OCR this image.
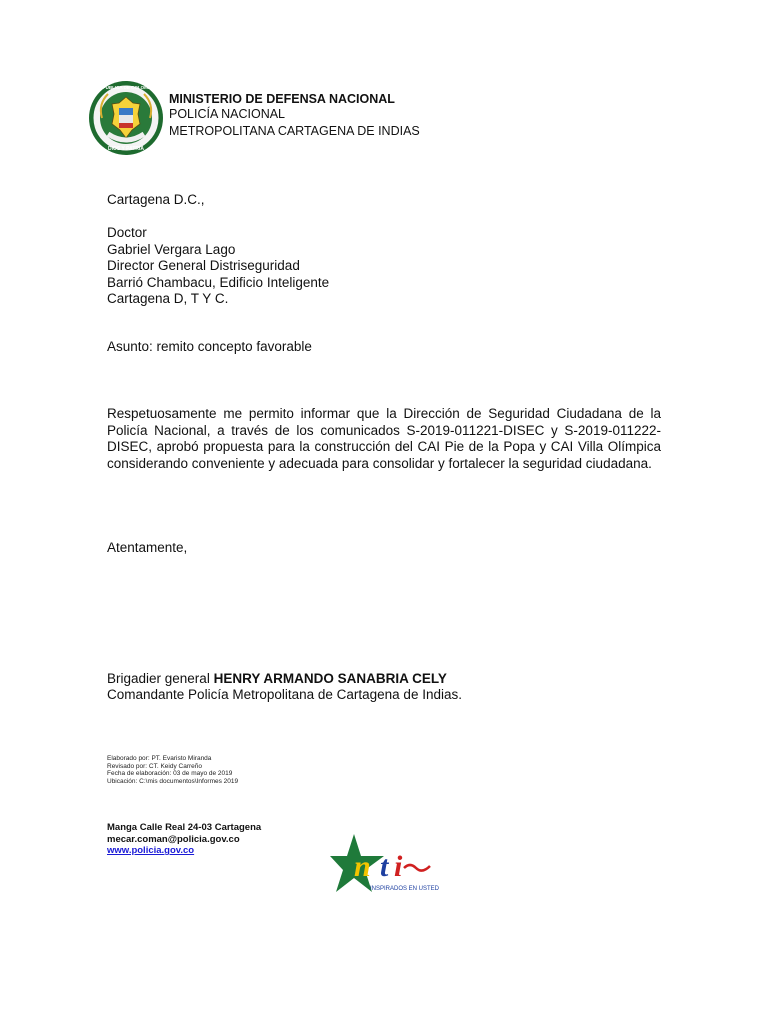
DIOS Y PATRIA
REPÚBLICA DE COLOMBIA
MINISTERIO DE DEFENSA NACIONAL
POLICÍA NACIONAL
METROPOLITANA CARTAGENA DE INDIAS
Cartagena D.C.,
Doctor
Gabriel Vergara Lago
Director General Distriseguridad
Barrió Chambacu, Edificio Inteligente
Cartagena D, T Y C.
Asunto: remito concepto favorable
Respetuosamente me permito informar que la Dirección de Seguridad Ciudadana de la Policía Nacional, a través de los comunicados S-2019-011221-DISEC y S-2019-011222-DISEC, aprobó propuesta para la construcción del CAI Pie de la Popa y CAI Villa Olímpica considerando conveniente y adecuada para consolidar y fortalecer la seguridad ciudadana.
Atentamente,
Brigadier general HENRY ARMANDO SANABRIA CELY
Comandante Policía Metropolitana de Cartagena de Indias.
Elaborado por: PT. Evaristo Miranda
Revisado por: CT. Keidy Carreño
Fecha de elaboración: 03 de mayo de 2019
Ubicación: C:\mis documentos\Informes 2019
Manga Calle Real 24-03 Cartagena
mecar.coman@policia.gov.co
www.policia.gov.co	n t i
INSPIRADOS EN USTED
